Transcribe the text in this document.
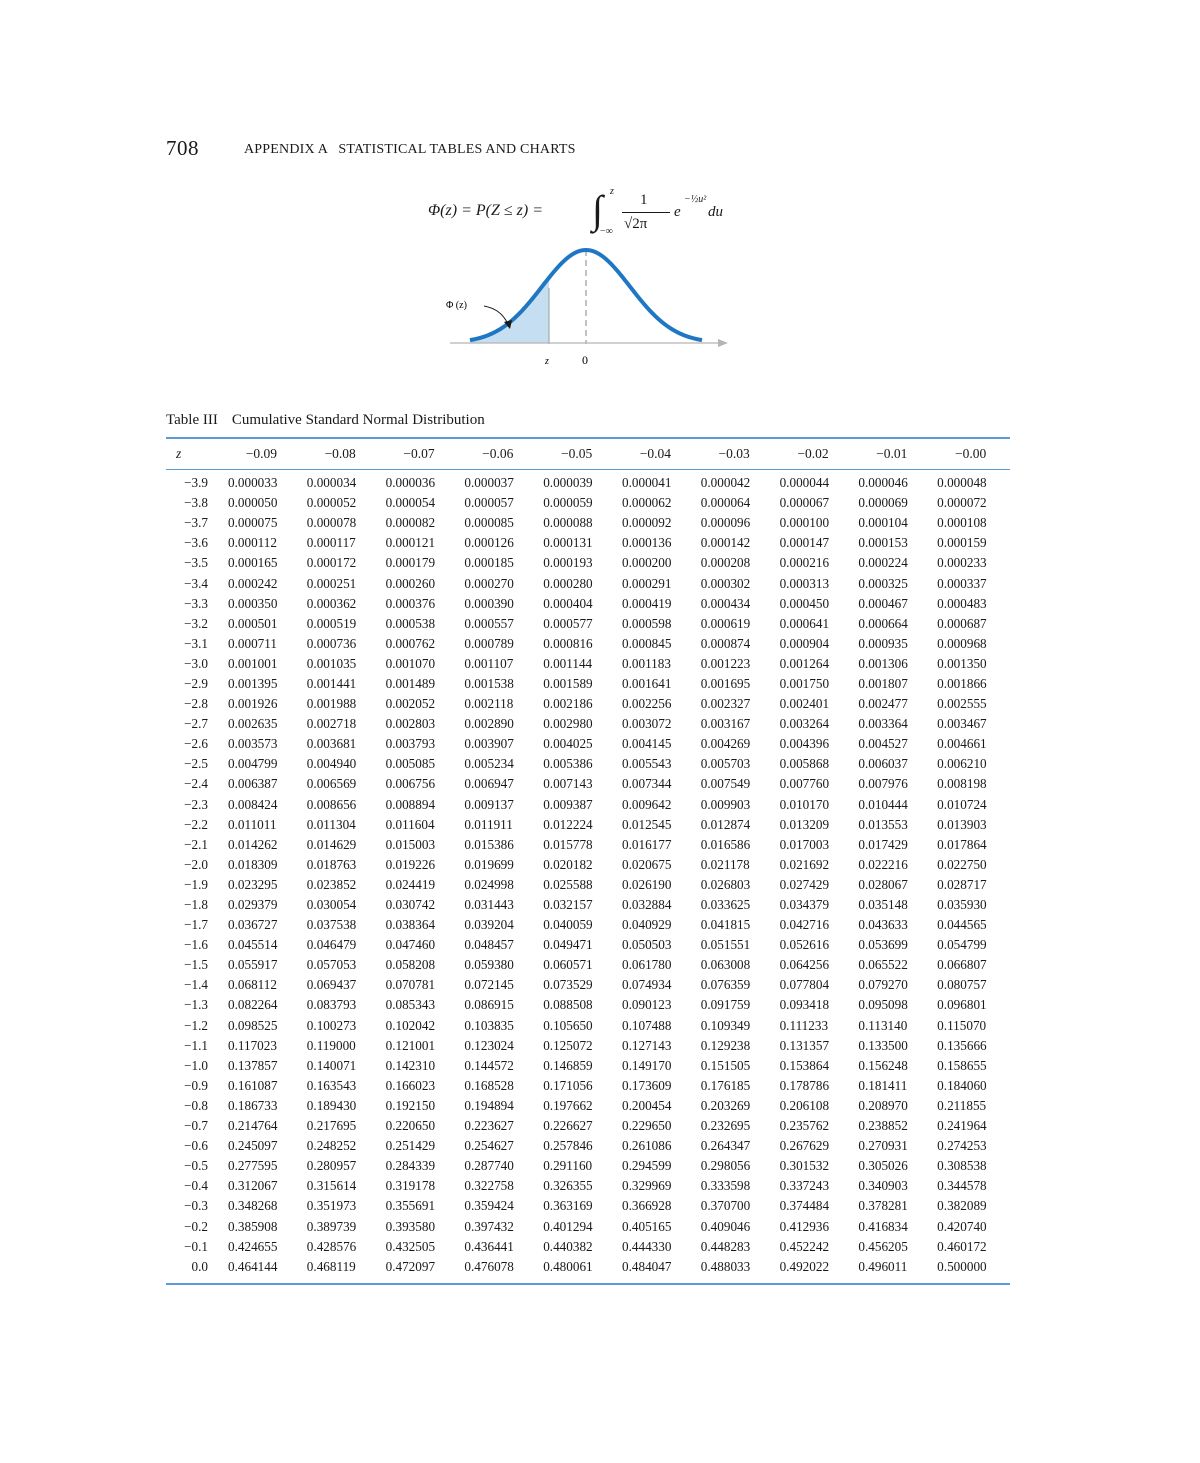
708	APPENDIX A   STATISTICAL TABLES AND CHARTS
Φ(z) = P(Z ≤ z) = ∫ z
−∞
1
√2π
e
−½u²
du
Φ (z)
z	0
Table III Cumulative Standard Normal Distribution
z	−0.09	−0.08	−0.07	−0.06	−0.05	−0.04	−0.03	−0.02	−0.01	−0.00
−3.9	0.000033	0.000034	0.000036	0.000037	0.000039	0.000041	0.000042	0.000044	0.000046	0.000048
−3.8	0.000050	0.000052	0.000054	0.000057	0.000059	0.000062	0.000064	0.000067	0.000069	0.000072
−3.7	0.000075	0.000078	0.000082	0.000085	0.000088	0.000092	0.000096	0.000100	0.000104	0.000108
−3.6	0.000112	0.000117	0.000121	0.000126	0.000131	0.000136	0.000142	0.000147	0.000153	0.000159
−3.5	0.000165	0.000172	0.000179	0.000185	0.000193	0.000200	0.000208	0.000216	0.000224	0.000233
−3.4	0.000242	0.000251	0.000260	0.000270	0.000280	0.000291	0.000302	0.000313	0.000325	0.000337
−3.3	0.000350	0.000362	0.000376	0.000390	0.000404	0.000419	0.000434	0.000450	0.000467	0.000483
−3.2	0.000501	0.000519	0.000538	0.000557	0.000577	0.000598	0.000619	0.000641	0.000664	0.000687
−3.1	0.000711	0.000736	0.000762	0.000789	0.000816	0.000845	0.000874	0.000904	0.000935	0.000968
−3.0	0.001001	0.001035	0.001070	0.001107	0.001144	0.001183	0.001223	0.001264	0.001306	0.001350
−2.9	0.001395	0.001441	0.001489	0.001538	0.001589	0.001641	0.001695	0.001750	0.001807	0.001866
−2.8	0.001926	0.001988	0.002052	0.002118	0.002186	0.002256	0.002327	0.002401	0.002477	0.002555
−2.7	0.002635	0.002718	0.002803	0.002890	0.002980	0.003072	0.003167	0.003264	0.003364	0.003467
−2.6	0.003573	0.003681	0.003793	0.003907	0.004025	0.004145	0.004269	0.004396	0.004527	0.004661
−2.5	0.004799	0.004940	0.005085	0.005234	0.005386	0.005543	0.005703	0.005868	0.006037	0.006210
−2.4	0.006387	0.006569	0.006756	0.006947	0.007143	0.007344	0.007549	0.007760	0.007976	0.008198
−2.3	0.008424	0.008656	0.008894	0.009137	0.009387	0.009642	0.009903	0.010170	0.010444	0.010724
−2.2	0.011011	0.011304	0.011604	0.011911	0.012224	0.012545	0.012874	0.013209	0.013553	0.013903
−2.1	0.014262	0.014629	0.015003	0.015386	0.015778	0.016177	0.016586	0.017003	0.017429	0.017864
−2.0	0.018309	0.018763	0.019226	0.019699	0.020182	0.020675	0.021178	0.021692	0.022216	0.022750
−1.9	0.023295	0.023852	0.024419	0.024998	0.025588	0.026190	0.026803	0.027429	0.028067	0.028717
−1.8	0.029379	0.030054	0.030742	0.031443	0.032157	0.032884	0.033625	0.034379	0.035148	0.035930
−1.7	0.036727	0.037538	0.038364	0.039204	0.040059	0.040929	0.041815	0.042716	0.043633	0.044565
−1.6	0.045514	0.046479	0.047460	0.048457	0.049471	0.050503	0.051551	0.052616	0.053699	0.054799
−1.5	0.055917	0.057053	0.058208	0.059380	0.060571	0.061780	0.063008	0.064256	0.065522	0.066807
−1.4	0.068112	0.069437	0.070781	0.072145	0.073529	0.074934	0.076359	0.077804	0.079270	0.080757
−1.3	0.082264	0.083793	0.085343	0.086915	0.088508	0.090123	0.091759	0.093418	0.095098	0.096801
−1.2	0.098525	0.100273	0.102042	0.103835	0.105650	0.107488	0.109349	0.111233	0.113140	0.115070
−1.1	0.117023	0.119000	0.121001	0.123024	0.125072	0.127143	0.129238	0.131357	0.133500	0.135666
−1.0	0.137857	0.140071	0.142310	0.144572	0.146859	0.149170	0.151505	0.153864	0.156248	0.158655
−0.9	0.161087	0.163543	0.166023	0.168528	0.171056	0.173609	0.176185	0.178786	0.181411	0.184060
−0.8	0.186733	0.189430	0.192150	0.194894	0.197662	0.200454	0.203269	0.206108	0.208970	0.211855
−0.7	0.214764	0.217695	0.220650	0.223627	0.226627	0.229650	0.232695	0.235762	0.238852	0.241964
−0.6	0.245097	0.248252	0.251429	0.254627	0.257846	0.261086	0.264347	0.267629	0.270931	0.274253
−0.5	0.277595	0.280957	0.284339	0.287740	0.291160	0.294599	0.298056	0.301532	0.305026	0.308538
−0.4	0.312067	0.315614	0.319178	0.322758	0.326355	0.329969	0.333598	0.337243	0.340903	0.344578
−0.3	0.348268	0.351973	0.355691	0.359424	0.363169	0.366928	0.370700	0.374484	0.378281	0.382089
−0.2	0.385908	0.389739	0.393580	0.397432	0.401294	0.405165	0.409046	0.412936	0.416834	0.420740
−0.1	0.424655	0.428576	0.432505	0.436441	0.440382	0.444330	0.448283	0.452242	0.456205	0.460172
0.0	0.464144	0.468119	0.472097	0.476078	0.480061	0.484047	0.488033	0.492022	0.496011	0.500000
